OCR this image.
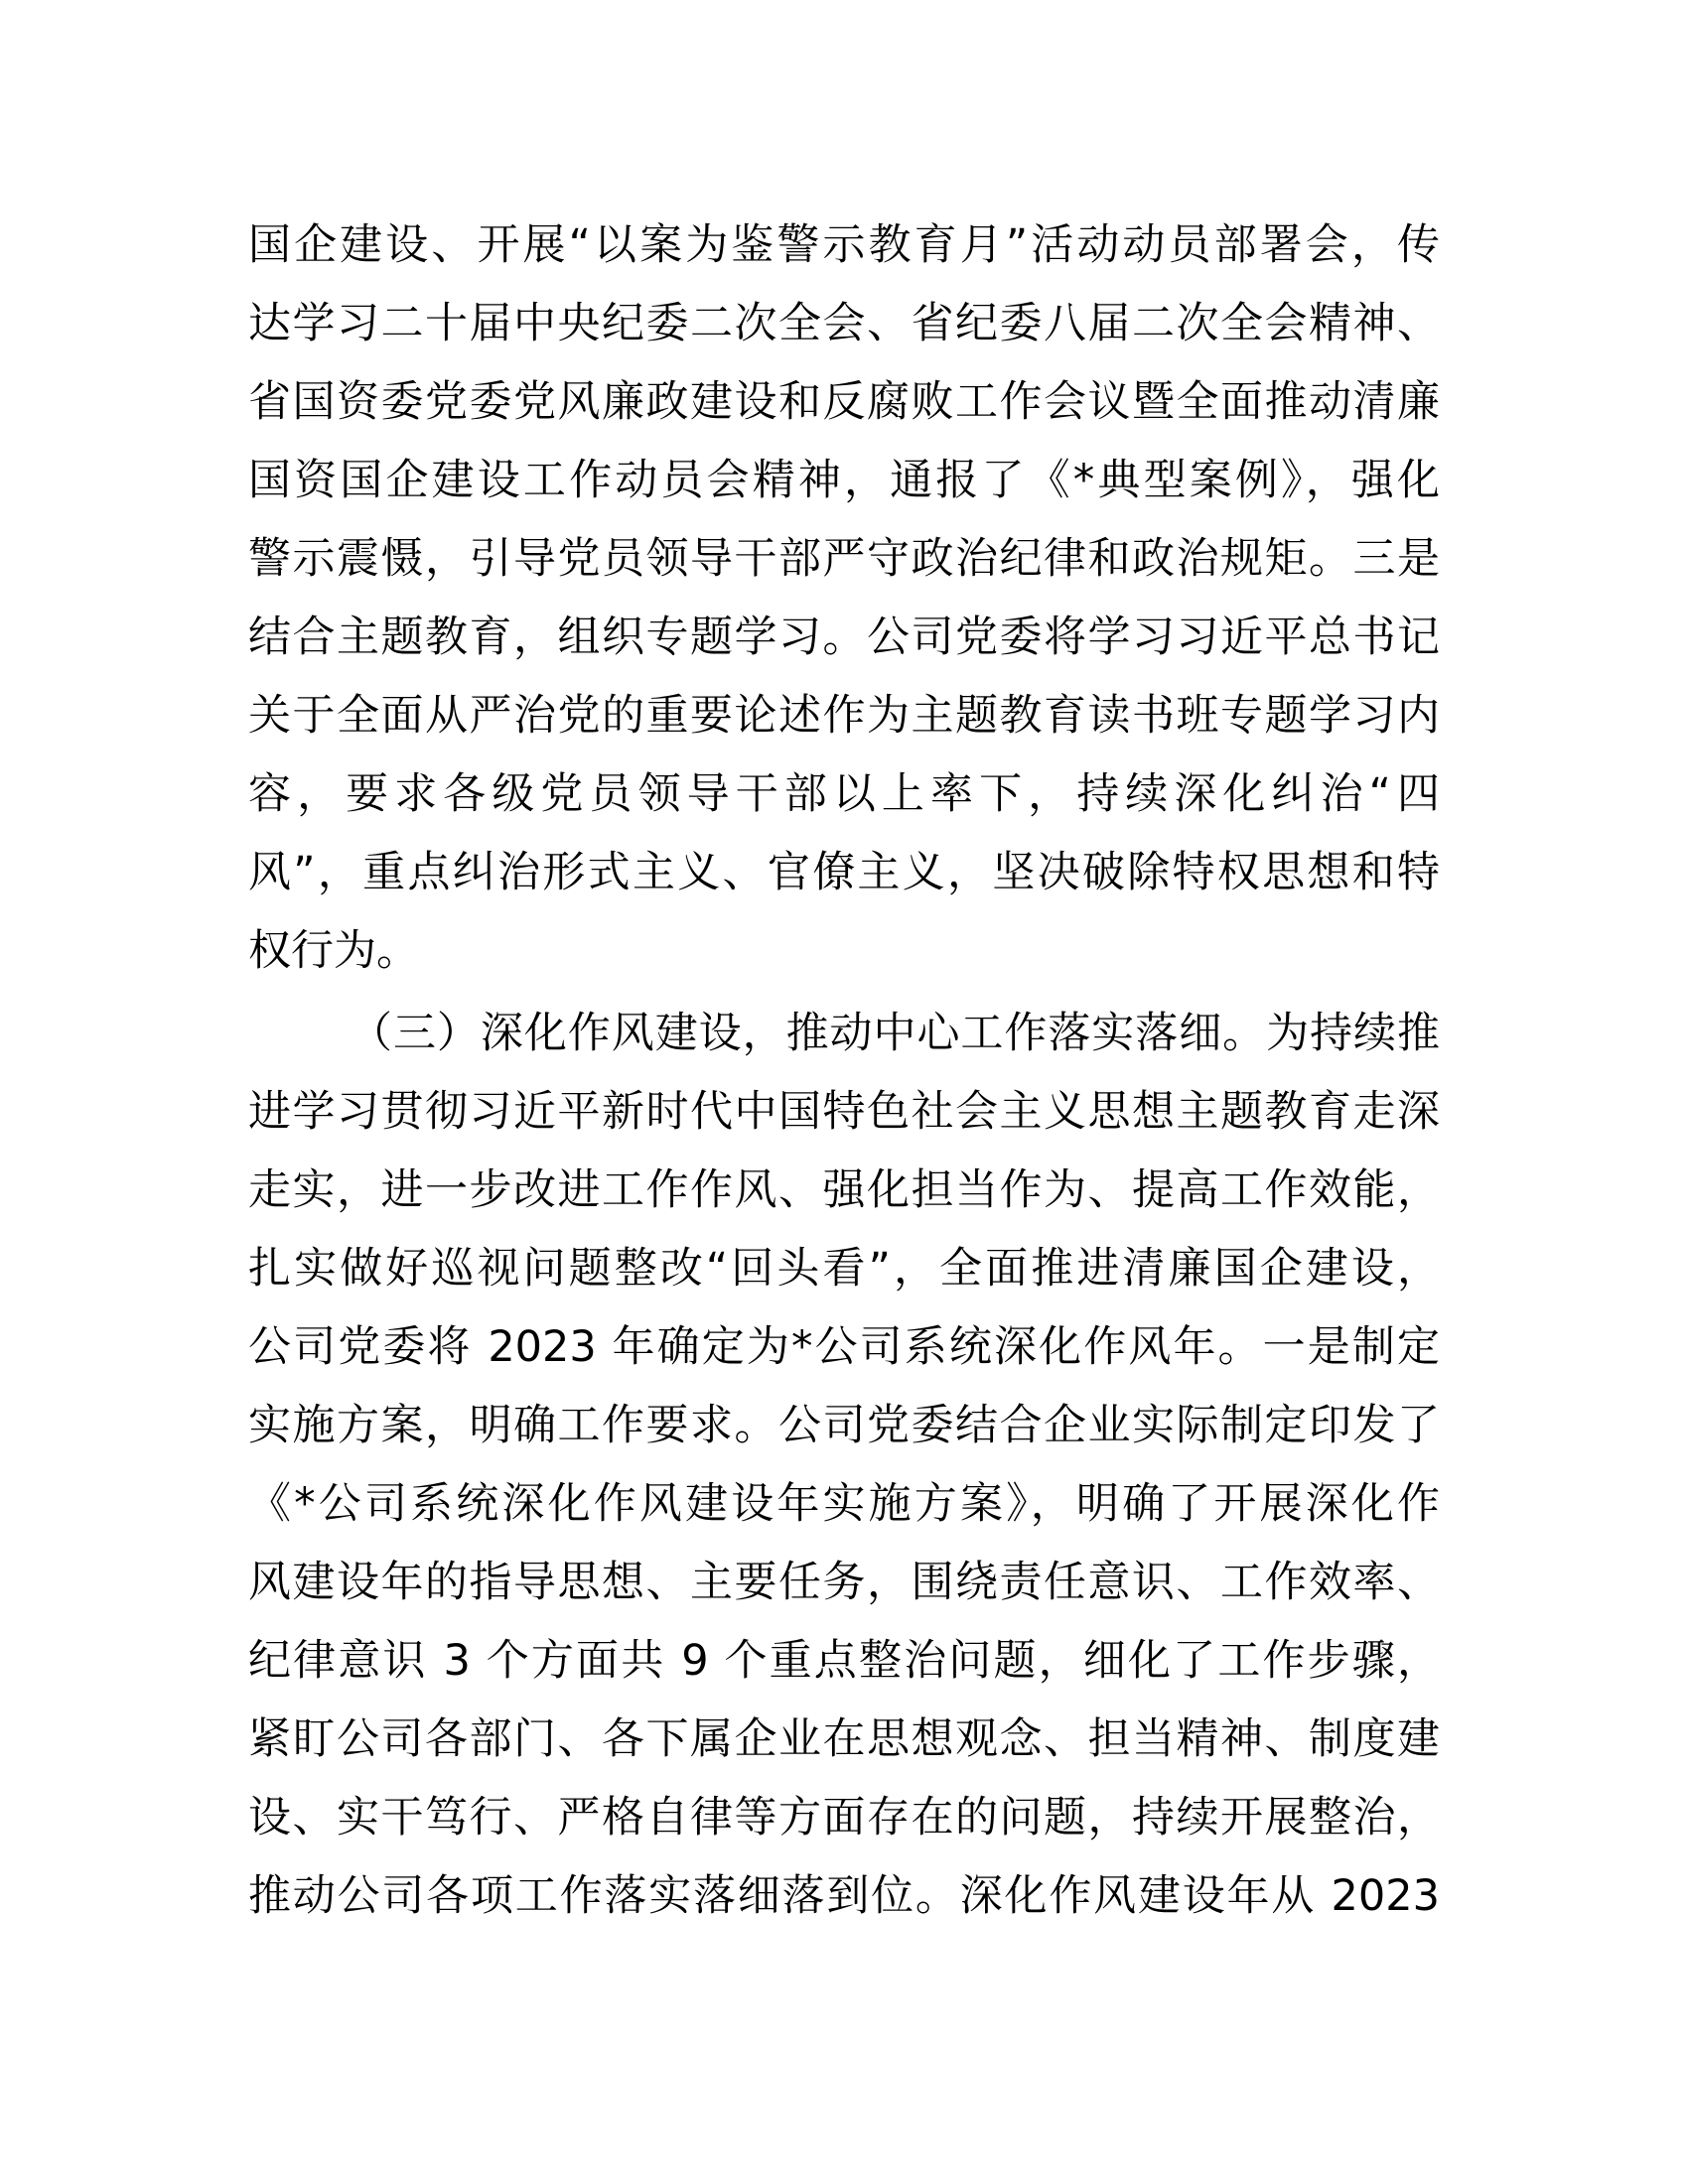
国企建设、开展“以案为鉴警示教育月”活动动员部署会，传
达学习二十届中央纪委二次全会、省纪委八届二次全会精神、
省国资委党委党风廉政建设和反腐败工作会议暨全面推动清廉
国资国企建设工作动员会精神，通报了《*典型案例》，强化
警示震慑，引导党员领导干部严守政治纪律和政治规矩。三是
结合主题教育，组织专题学习。公司党委将学习习近平总书记
关于全面从严治党的重要论述作为主题教育读书班专题学习内
容，要求各级党员领导干部以上率下，持续深化纠治“四
风”，重点纠治形式主义、官僚主义，坚决破除特权思想和特
权行为。
（三）深化作风建设，推动中心工作落实落细。为持续推
进学习贯彻习近平新时代中国特色社会主义思想主题教育走深
走实，进一步改进工作作风、强化担当作为、提高工作效能，
扎实做好巡视问题整改“回头看”，全面推进清廉国企建设，
公司党委将 2023 年确定为*公司系统深化作风年。一是制定
实施方案，明确工作要求。公司党委结合企业实际制定印发了
《*公司系统深化作风建设年实施方案》，明确了开展深化作
风建设年的指导思想、主要任务，围绕责任意识、工作效率、
纪律意识 3 个方面共 9 个重点整治问题，细化了工作步骤，
紧盯公司各部门、各下属企业在思想观念、担当精神、制度建
设、实干笃行、严格自律等方面存在的问题，持续开展整治，
推动公司各项工作落实落细落到位。深化作风建设年从 2023
